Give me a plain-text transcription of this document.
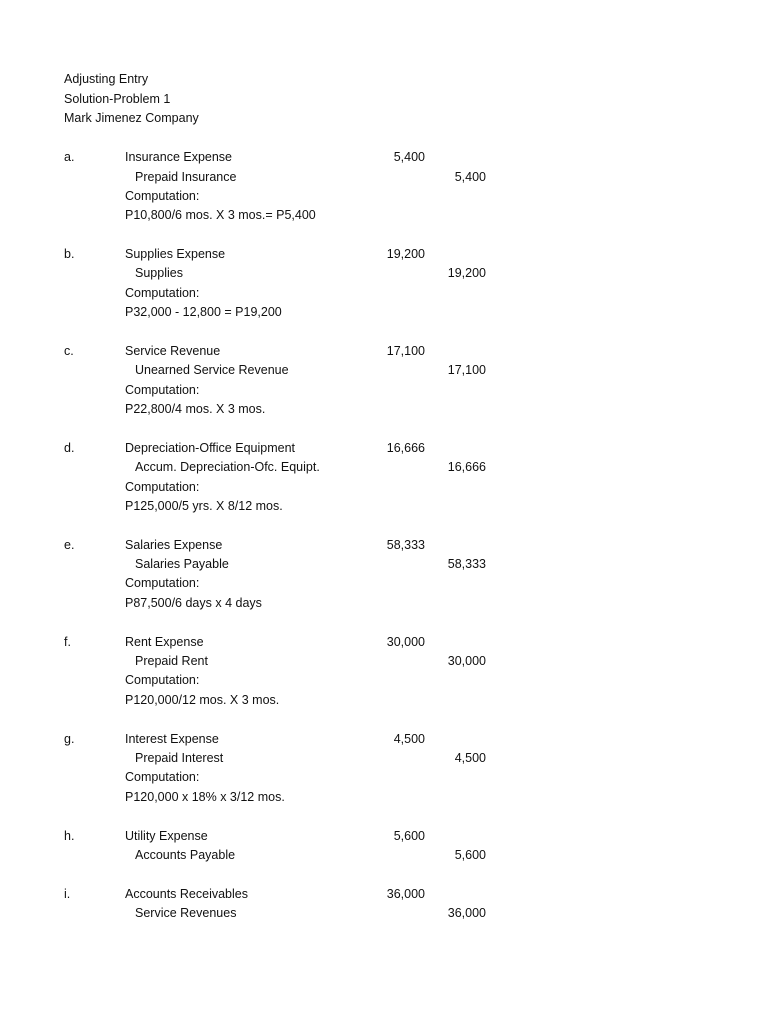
Adjusting Entry
Solution-Problem 1
Mark Jimenez Company
a.	Insurance Expense	5,400
Prepaid Insurance	5,400
Computation:
P10,800/6 mos. X 3 mos.= P5,400
b.	Supplies Expense	19,200
Supplies	19,200
Computation:
P32,000 - 12,800 = P19,200
c.	Service Revenue	17,100
Unearned Service Revenue	17,100
Computation:
P22,800/4 mos. X 3 mos.
d.	Depreciation-Office Equipment	16,666
Accum. Depreciation-Ofc. Equipt.	16,666
Computation:
P125,000/5 yrs. X 8/12 mos.
e.	Salaries Expense	58,333
Salaries Payable	58,333
Computation:
P87,500/6 days x 4 days
f.	Rent Expense	30,000
Prepaid Rent	30,000
Computation:
P120,000/12 mos. X 3 mos.
g.	Interest Expense	4,500
Prepaid Interest	4,500
Computation:
P120,000 x 18% x 3/12 mos.
h.	Utility Expense	5,600
Accounts Payable	5,600
i.	Accounts Receivables	36,000
Service Revenues	36,000
